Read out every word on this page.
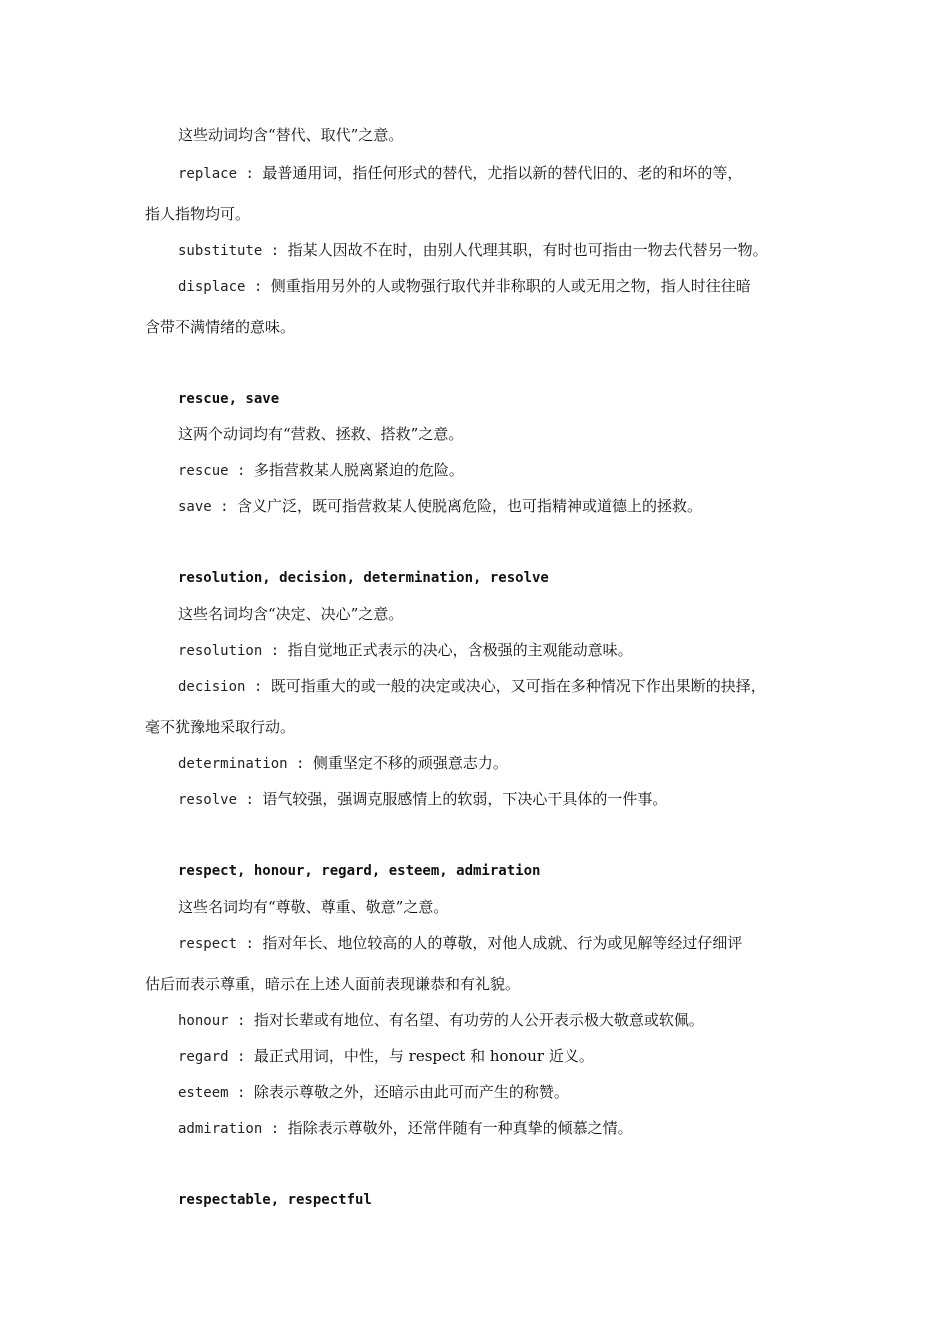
这些动词均含“替代、取代”之意。

replace : 最普通用词，指任何形式的替代，尤指以新的替代旧的、老的和坏的等，

指人指物均可。

substitute : 指某人因故不在时，由别人代理其职，有时也可指由一物去代替另一物。

displace : 侧重指用另外的人或物强行取代并非称职的人或无用之物，指人时往往暗

含带不满情绪的意味。

rescue, save

这两个动词均有“营救、拯救、搭救”之意。

rescue : 多指营救某人脱离紧迫的危险。

save : 含义广泛，既可指营救某人使脱离危险，也可指精神或道德上的拯救。

resolution, decision, determination, resolve

这些名词均含“决定、决心”之意。

resolution : 指自觉地正式表示的决心，含极强的主观能动意味。

decision : 既可指重大的或一般的决定或决心，又可指在多种情况下作出果断的抉择，

毫不犹豫地采取行动。

determination : 侧重坚定不移的顽强意志力。

resolve : 语气较强，强调克服感情上的软弱，下决心干具体的一件事。

respect, honour, regard, esteem, admiration

这些名词均有“尊敬、尊重、敬意”之意。

respect : 指对年长、地位较高的人的尊敬，对他人成就、行为或见解等经过仔细评

估后而表示尊重，暗示在上述人面前表现谦恭和有礼貌。

honour : 指对长辈或有地位、有名望、有功劳的人公开表示极大敬意或软佩。

regard : 最正式用词，中性，与 respect 和 honour 近义。

esteem : 除表示尊敬之外，还暗示由此可而产生的称赞。

admiration : 指除表示尊敬外，还常伴随有一种真挚的倾慕之情。

respectable, respectful
